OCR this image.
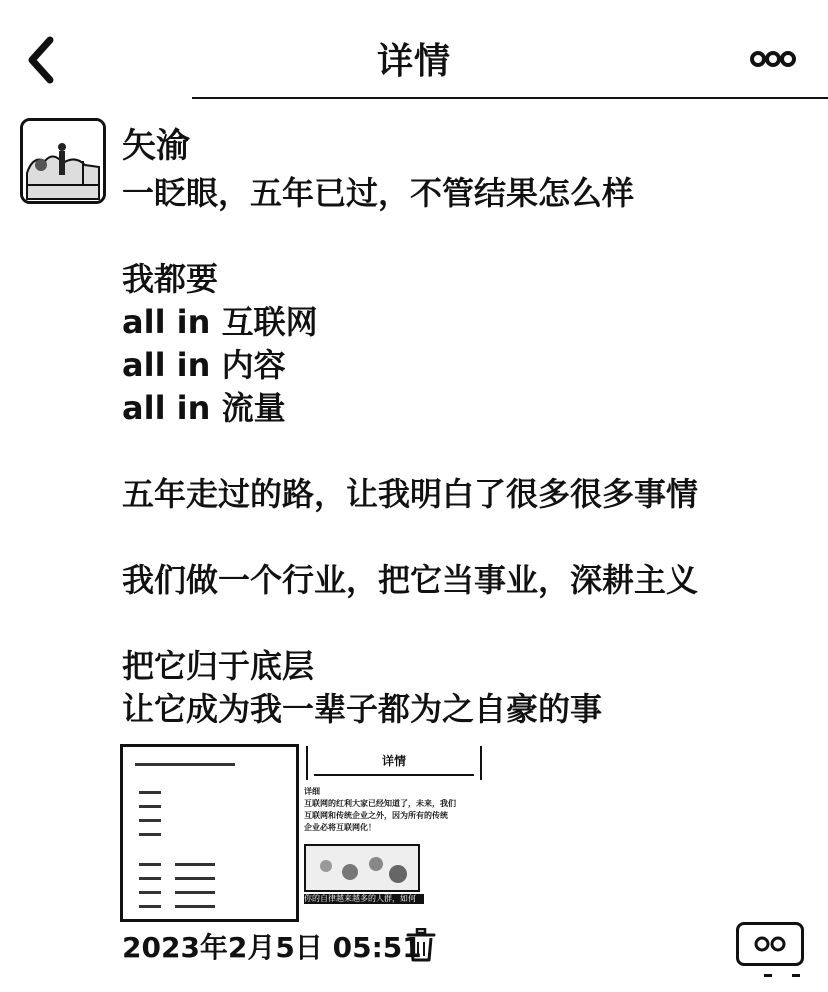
详情
矢渝
一眨眼，五年已过，不管结果怎么样
我都要
all in 互联网
all in 内容
all in 流量
五年走过的路，让我明白了很多很多事情
我们做一个行业，把它当事业，深耕主义
把它归于底层
让它成为我一辈子都为之自豪的事
详情
详细
互联网的红利大家已经知道了，未来，我们
互联网和传统企业之外，因为所有的传统
企业必将互联网化！
你的自律越来越多的人群，如何
2023年2月5日 05:51
